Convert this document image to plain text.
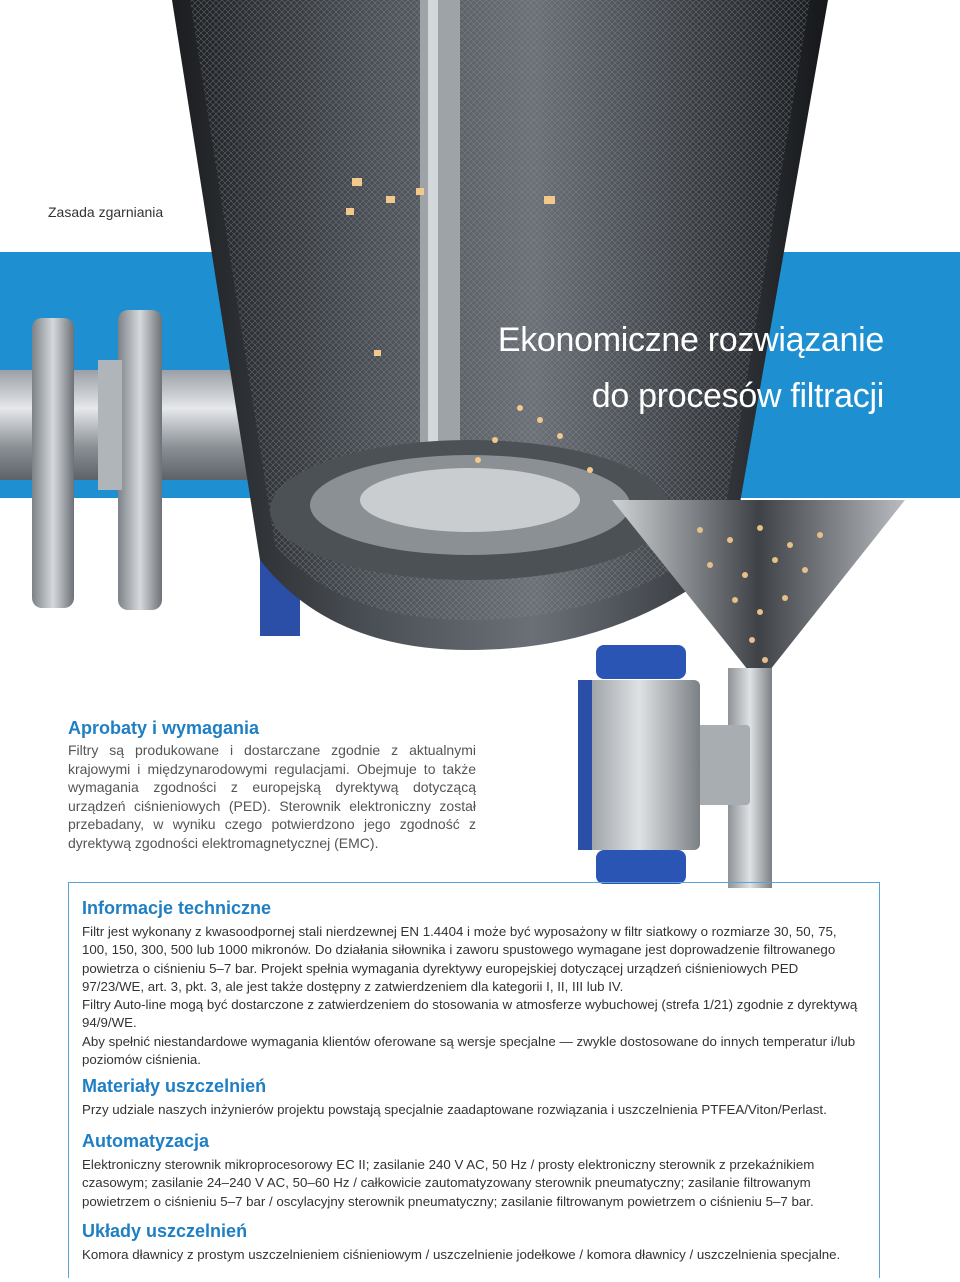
Zasada zgarniania
Ekonomiczne rozwiązanie
do procesów filtracji
Aprobaty i wymagania

Filtry są produkowane i dostarczane zgodnie z aktualnymi krajowymi i międzynarodowymi regulacjami. Obejmuje to także wymagania zgodności z europejską dyrektywą dotyczącą urządzeń ciśnieniowych (PED). Sterownik elektroniczny został przebadany, w wyniku czego potwierdzono jego zgodność z dyrektywą zgodności elektromagnetycznej (EMC).

Informacje techniczne

Filtr jest wykonany z kwasoodpornej stali nierdzewnej EN 1.4404 i może być wyposażony w filtr siatkowy o rozmiarze 30, 50, 75, 100, 150, 300, 500 lub 1000 mikronów. Do działania siłownika i zaworu spustowego wymagane jest doprowadzenie filtrowanego powietrza o ciśnieniu 5–7 bar. Projekt spełnia wymagania dyrektywy europejskiej dotyczącej urządzeń ciśnieniowych PED 97/23/WE, art. 3, pkt. 3, ale jest także dostępny z zatwierdzeniem dla kategorii I, II, III lub IV.

Filtry Auto-line mogą być dostarczone z zatwierdzeniem do stosowania w atmosferze wybuchowej (strefa 1/21) zgodnie z dyrektywą 94/9/WE.

Aby spełnić niestandardowe wymagania klientów oferowane są wersje specjalne — zwykle dostosowane do innych temperatur i/lub poziomów ciśnienia.

Materiały uszczelnień

Przy udziale naszych inżynierów projektu powstają specjalnie zaadaptowane rozwiązania i uszczelnienia PTFEA/Viton/Perlast.

Automatyzacja

Elektroniczny sterownik mikroprocesorowy EC II; zasilanie 240 V AC, 50 Hz / prosty elektroniczny sterownik z przekaźnikiem czasowym; zasilanie 24–240 V AC, 50–60 Hz / całkowicie zautomatyzowany sterownik pneumatyczny; zasilanie filtrowanym powietrzem o ciśnieniu 5–7 bar / oscylacyjny sterownik pneumatyczny; zasilanie filtrowanym powietrzem o ciśnieniu 5–7 bar.

Układy uszczelnień

Komora dławnicy z prostym uszczelnieniem ciśnieniowym / uszczelnienie jodełkowe / komora dławnicy / uszczelnienia specjalne.
